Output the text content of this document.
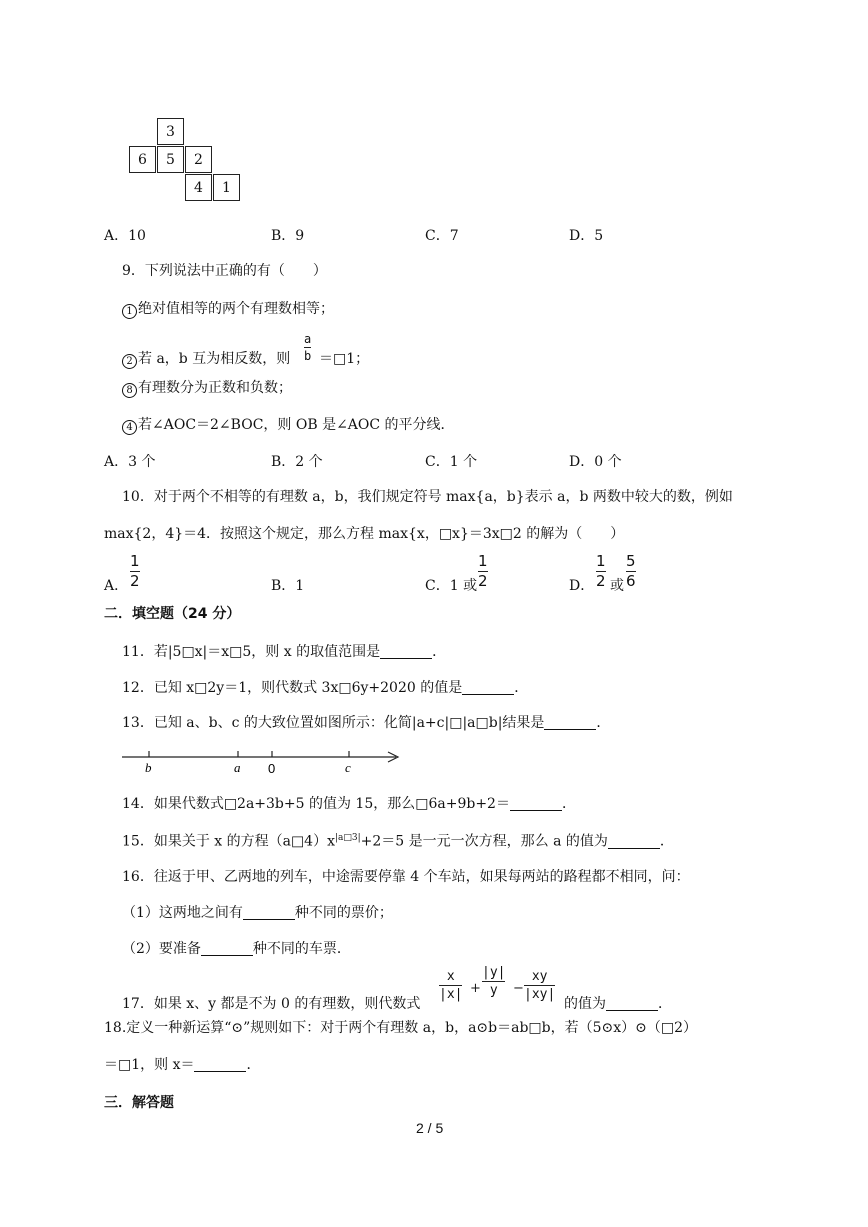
3
6	5	2
4	1
A．10	B．9	C．7	D．5
9．下列说法中正确的有（　　）
1 绝对值相等的两个有理数相等；
2 若 a，b 互为相反数，则
a
b ＝□1；
8 有理数分为正数和负数；
4 若∠AOC＝2∠BOC，则 OB 是∠AOC 的平分线．
A．3 个	B．2 个	C．1 个	D．0 个
10．对于两个不相等的有理数 a，b，我们规定符号 max{a，b}表示 a，b 两数中较大的数，例如
max{2，4}＝4．按照这个规定，那么方程 max{x，□x}＝3x□2 的解为（　　）
A．
1
2	B．1	C．1 或
1
2	D．
1
2 或
5
6
二．填空题（24 分）
11．若|5□x|＝x□5，则 x 的取值范围是	．
12．已知 x□2y＝1，则代数式 3x□6y+2020 的值是	．
13．已知 a、b、c 的大致位置如图所示：化简|a+c|□|a□b|结果是	．
b	a 0	c
14．如果代数式□2a+3b+5 的值为 15，那么□6a+9b+2＝	．
15．如果关于 x 的方程$(a□4)x^{|a□3|}+2=5$ 是一元一次方程，那么 a 的值为	．
16．往返于甲、乙两地的列车，中途需要停靠 4 个车站，如果每两站的路程都不相同，问：
（1）这两地之间有	种不同的票价；
（2）要准备	种不同的车票．
17．如果 x、y 都是不为 0 的有理数，则代数式
x
|x| +
|y|
y −
xy
|xy|
的值为	．
18.定义一种新运算“⊙”规则如下：对于两个有理数 a，b，a⊙b＝ab□b，若（5⊙x）⊙（□2）
＝□1，则 x＝	．
三．解答题
2 / 5
